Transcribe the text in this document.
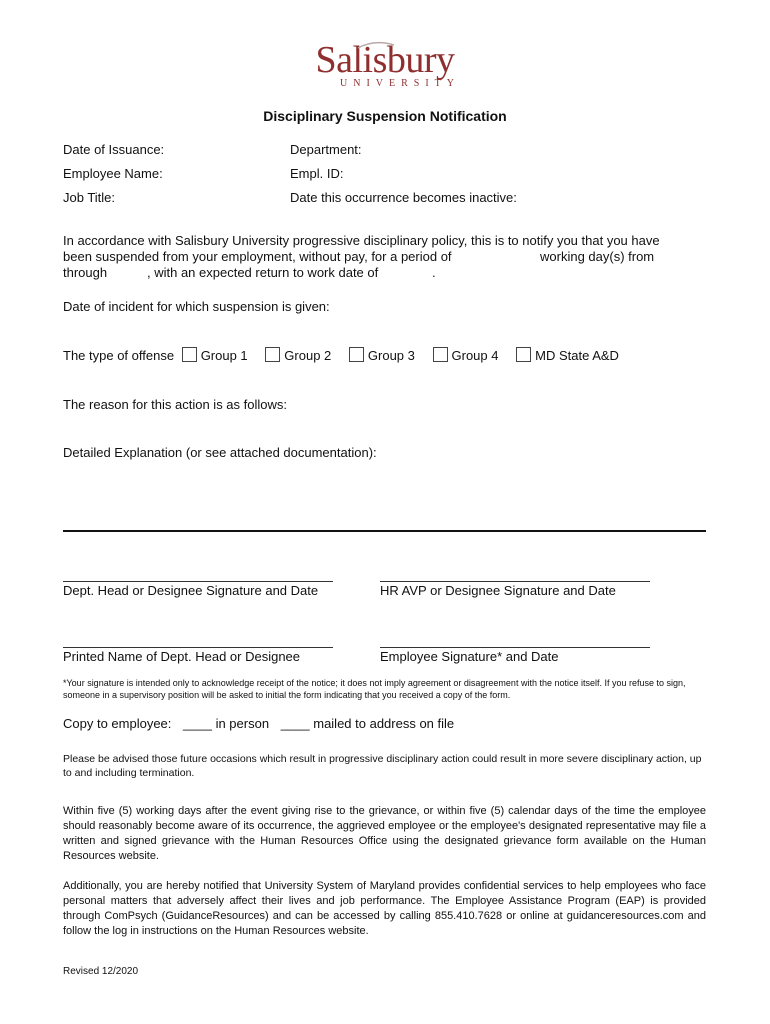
Salisbury
UNIVERSITY
Disciplinary Suspension Notification
Date of Issuance:	Department:
Employee Name:	Empl. ID:
Job Title:	Date this occurrence becomes inactive:
In accordance with Salisbury University progressive disciplinary policy, this is to notify you that you have
been suspended from your employment, without pay, for a period of	working day(s) from
through	, with an expected return to work date of	.
Date of incident for which suspension is given:
The type of offense Group 1	Group 2	Group 3	Group 4	MD State A&D
The reason for this action is as follows:
Detailed Explanation (or see attached documentation):
Dept. Head or Designee Signature and Date	HR AVP or Designee Signature and Date
Printed Name of Dept. Head or Designee	Employee Signature* and Date
*Your signature is intended only to acknowledge receipt of the notice; it does not imply agreement or disagreement with the notice itself. If you refuse to sign, someone in a supervisory position will be asked to initial the form indicating that you received a copy of the form.
Copy to employee: ____ in person ____ mailed to address on file
Please be advised those future occasions which result in progressive disciplinary action could result in more severe disciplinary action, up to and including termination.
Within five (5) working days after the event giving rise to the grievance, or within five (5) calendar days of the time the employee should reasonably become aware of its occurrence, the aggrieved employee or the employee's designated representative may file a written and signed grievance with the Human Resources Office using the designated grievance form available on the Human Resources website.
Additionally, you are hereby notified that University System of Maryland provides confidential services to help employees who face personal matters that adversely affect their lives and job performance. The Employee Assistance Program (EAP) is provided through ComPsych (GuidanceResources) and can be accessed by calling 855.410.7628 or online at guidanceresources.com and follow the log in instructions on the Human Resources website.
Revised 12/2020
